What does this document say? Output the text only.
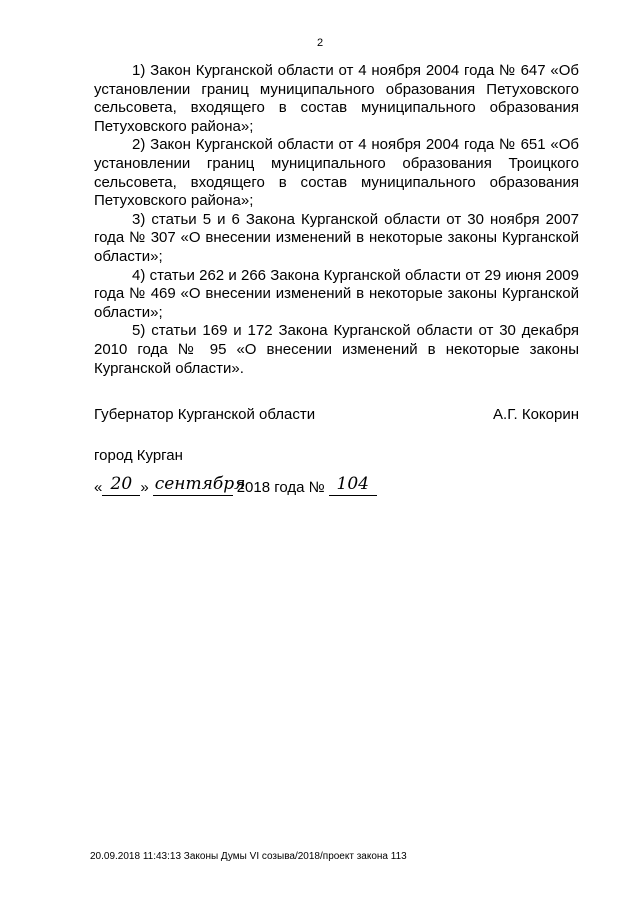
2

1) Закон Курганской области от 4 ноября 2004 года № 647 «Об установлении границ муниципального образования Петуховского сельсовета, входящего в состав муниципального образования Петуховского района»;

2) Закон Курганской области от 4 ноября 2004 года № 651 «Об установлении границ муниципального образования Троицкого сельсовета, входящего в состав муниципального образования Петуховского района»;

3) статьи 5 и 6 Закона Курганской области от 30 ноября 2007 года № 307 «О внесении изменений в некоторые законы Курганской области»;

4) статьи 262 и 266 Закона Курганской области от 29 июня 2009 года № 469 «О внесении изменений в некоторые законы Курганской области»;

5) статьи 169 и 172 Закона Курганской области от 30 декабря 2010 года № 95 «О внесении изменений в некоторые законы Курганской области».

Губернатор Курганской области	А.Г. Кокорин
город Курган
« 20 » сентября
2018 года № 104
20.09.2018 11:43:13 Законы Думы VI созыва/2018/проект закона 113
